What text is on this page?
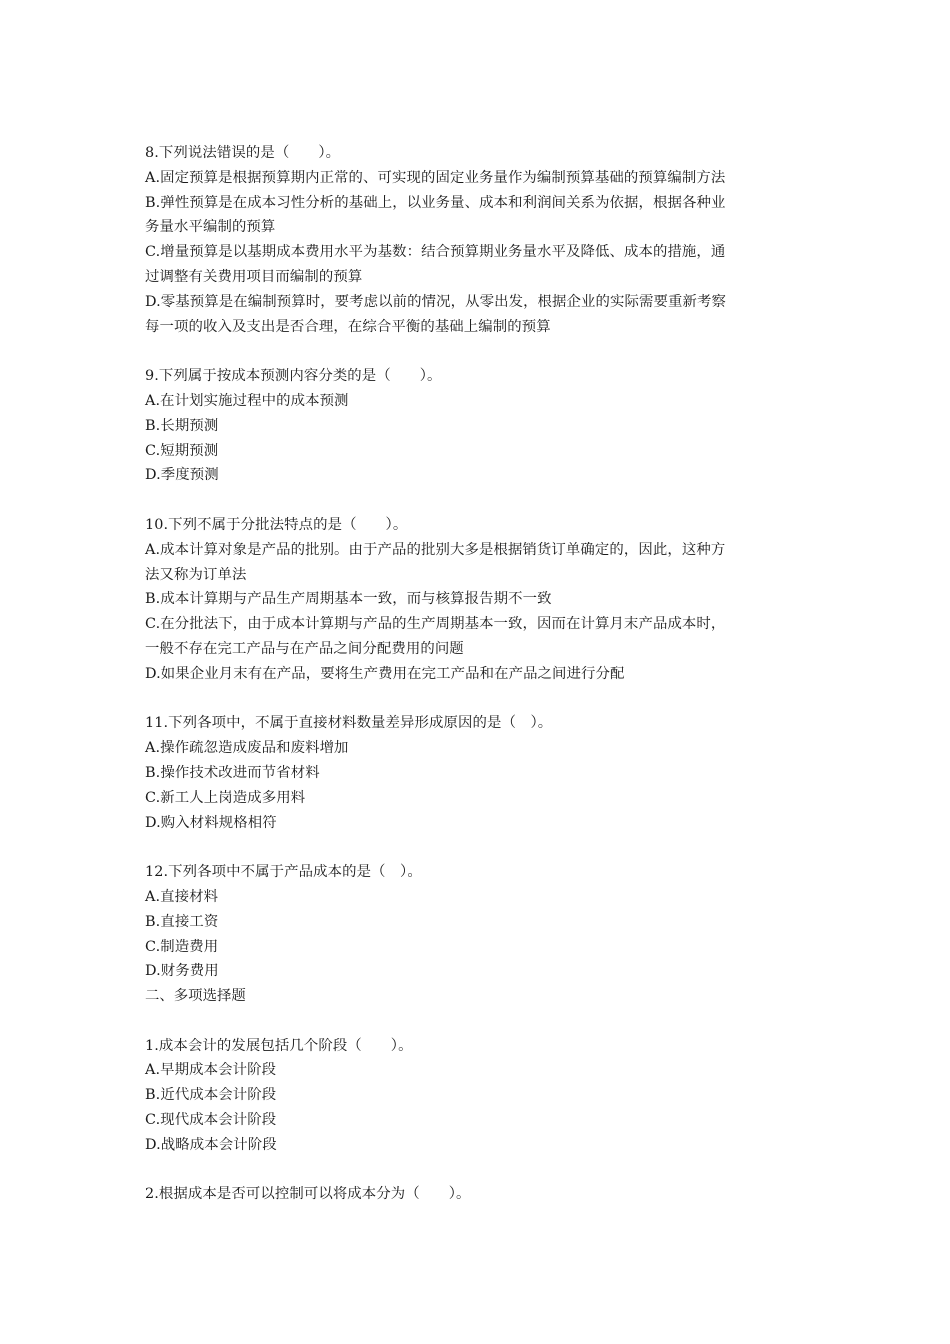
8.下列说法错误的是（　　）。
A.固定预算是根据预算期内正常的、可实现的固定业务量作为编制预算基础的预算编制方法
B.弹性预算是在成本习性分析的基础上，以业务量、成本和利润间关系为依据，根据各种业
务量水平编制的预算
C.增量预算是以基期成本费用水平为基数：结合预算期业务量水平及降低、成本的措施，通
过调整有关费用项目而编制的预算
D.零基预算是在编制预算时，要考虑以前的情况，从零出发，根据企业的实际需要重新考察
每一项的收入及支出是否合理，在综合平衡的基础上编制的预算
9.下列属于按成本预测内容分类的是（　　）。
A.在计划实施过程中的成本预测
B.长期预测
C.短期预测
D.季度预测
10.下列不属于分批法特点的是（　　）。
A.成本计算对象是产品的批别。由于产品的批别大多是根据销货订单确定的，因此，这种方
法又称为订单法
B.成本计算期与产品生产周期基本一致，而与核算报告期不一致
C.在分批法下，由于成本计算期与产品的生产周期基本一致，因而在计算月末产品成本时，
一般不存在完工产品与在产品之间分配费用的问题
D.如果企业月末有在产品，要将生产费用在完工产品和在产品之间进行分配
11.下列各项中，不属于直接材料数量差异形成原因的是（　）。
A.操作疏忽造成废品和废料增加
B.操作技术改进而节省材料
C.新工人上岗造成多用料
D.购入材料规格相符
12.下列各项中不属于产品成本的是（　）。
A.直接材料
B.直接工资
C.制造费用
D.财务费用
二、多项选择题
1.成本会计的发展包括几个阶段（　　）。
A.早期成本会计阶段
B.近代成本会计阶段
C.现代成本会计阶段
D.战略成本会计阶段
2.根据成本是否可以控制可以将成本分为（　　）。
